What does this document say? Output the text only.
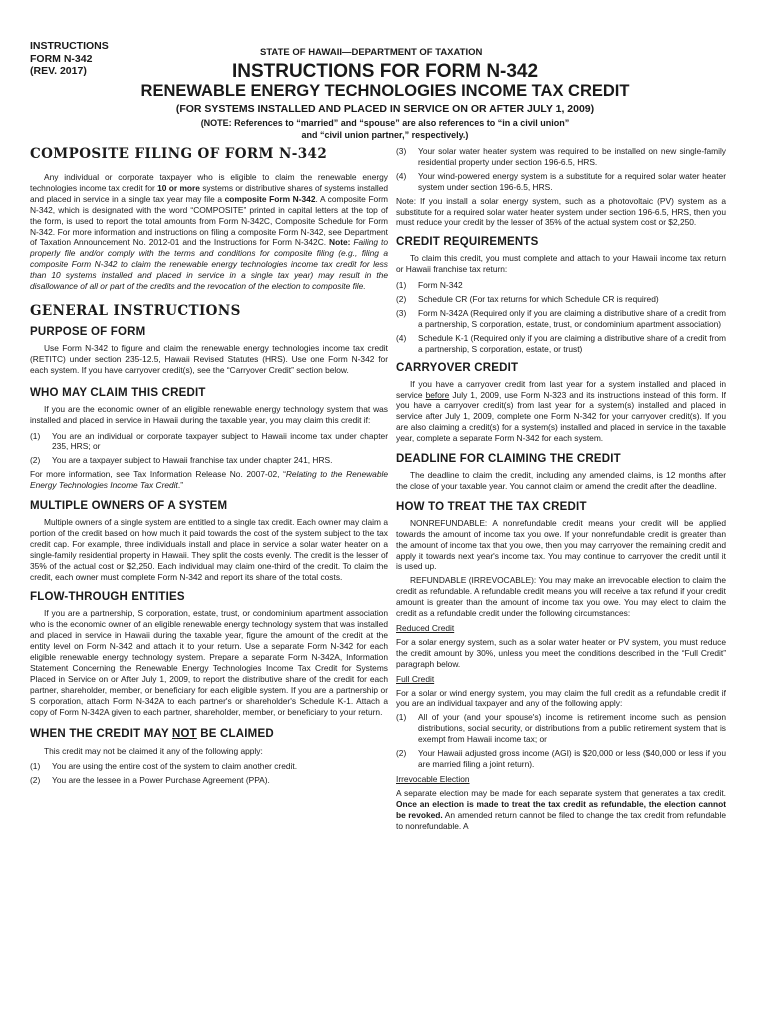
INSTRUCTIONS
FORM N-342
(REV. 2017)
STATE OF HAWAII—DEPARTMENT OF TAXATION
INSTRUCTIONS FOR FORM N-342
RENEWABLE ENERGY TECHNOLOGIES INCOME TAX CREDIT
(FOR SYSTEMS INSTALLED AND PLACED IN SERVICE ON OR AFTER JULY 1, 2009)
(NOTE: References to “married” and “spouse” are also references to “in a civil union”
and “civil union partner,” respectively.)
COMPOSITE FILING OF FORM N-342

Any individual or corporate taxpayer who is eligible to claim the renewable energy technologies income tax credit for 10 or more systems or distributive shares of systems installed and placed in service in a single tax year may file a composite Form N-342. A composite Form N-342, which is designated with the word “COMPOSITE” printed in capital letters at the top of the form, is used to report the total amounts from Form N-342C, Composite Schedule for Form N-342. For more information and instructions on filing a composite Form N-342, see Department of Taxation Announcement No. 2012-01 and the Instructions for Form N-342C. Note: Failing to properly file and/or comply with the terms and conditions for composite filing (e.g., filing a composite Form N-342 to claim the renewable energy technologies income tax credit for less than 10 systems installed and placed in service in a single tax year) may result in the disallowance of all or part of the credits and the revocation of the election to composite file.

GENERAL INSTRUCTIONS
PURPOSE OF FORM

Use Form N-342 to figure and claim the renewable energy technologies income tax credit (RETITC) under section 235-12.5, Hawaii Revised Statutes (HRS). Use one Form N-342 for each system. If you have carryover credit(s), see the “Carryover Credit” section below.

WHO MAY CLAIM THIS CREDIT

If you are the economic owner of an eligible renewable energy technology system that was installed and placed in service in Hawaii during the taxable year, you may claim this credit if:

(1)	You are an individual or corporate taxpayer subject to Hawaii income tax under chapter 235, HRS; or
(2)	You are a taxpayer subject to Hawaii franchise tax under chapter 241, HRS.

For more information, see Tax Information Release No. 2007-02, “Relating to the Renewable Energy Technologies Income Tax Credit.”

MULTIPLE OWNERS OF A SYSTEM

Multiple owners of a single system are entitled to a single tax credit. Each owner may claim a portion of the credit based on how much it paid towards the cost of the system subject to the tax credit cap. For example, three individuals install and place in service a solar water heater on a single-family residential property in Hawaii. They split the costs evenly. The credit is the lesser of 35% of the actual cost or $2,250. Each individual may claim one-third of the credit. To claim the credit, each owner must complete Form N-342 and report its share of the total costs.

FLOW-THROUGH ENTITIES

If you are a partnership, S corporation, estate, trust, or condominium apartment association who is the economic owner of an eligible renewable energy technology system that was installed and placed in service in Hawaii during the taxable year, figure the amount of the credit at the entity level on Form N-342 and attach it to your return. Use a separate Form N-342 for each eligible renewable energy technology system. Prepare a separate Form N-342A, Information Statement Concerning the Renewable Energy Technologies Income Tax Credit for Systems Placed in Service on or After July 1, 2009, to report the distributive share of the credit for each partner, shareholder, member, or beneficiary for each eligible system. If you are a partnership or S corporation, attach Form N-342A to each partner's or shareholder's Schedule K-1. Attach a copy of Form N-342A given to each partner, shareholder, member, or beneficiary to your return.

WHEN THE CREDIT MAY NOT BE CLAIMED

This credit may not be claimed it any of the following apply:

(1)	You are using the entire cost of the system to claim another credit.
(2)	You are the lessee in a Power Purchase Agreement (PPA).
(3)	Your solar water heater system was required to be installed on new single-family residential property under section 196-6.5, HRS.
(4)	Your wind-powered energy system is a substitute for a required solar water heater system under section 196-6.5, HRS.

Note: If you install a solar energy system, such as a photovoltaic (PV) system as a substitute for a required solar water heater system under section 196-6.5, HRS, then you must reduce your credit by the lesser of 35% of the actual system cost or $2,250.

CREDIT REQUIREMENTS

To claim this credit, you must complete and attach to your Hawaii income tax return or Hawaii franchise tax return:

(1)	Form N-342
(2)	Schedule CR (For tax returns for which Schedule CR is required)
(3)	Form N-342A (Required only if you are claiming a distributive share of a credit from a partnership, S corporation, estate, trust, or condominium apartment association)
(4)	Schedule K-1 (Required only if you are claiming a distributive share of a credit from a partnership, S corporation, estate, or trust)
CARRYOVER CREDIT

If you have a carryover credit from last year for a system installed and placed in service before July 1, 2009, use Form N-323 and its instructions instead of this form. If you have a carryover credit(s) from last year for a system(s) installed and placed in service after July 1, 2009, complete one Form N-342 for your carryover credit(s). If you are also claiming a credit(s) for a system(s) installed and placed in service in the taxable year, complete a separate Form N-342 for each system.

DEADLINE FOR CLAIMING THE CREDIT

The deadline to claim the credit, including any amended claims, is 12 months after the close of your taxable year. You cannot claim or amend the credit after the deadline.

HOW TO TREAT THE TAX CREDIT

NONREFUNDABLE: A nonrefundable credit means your credit will be applied towards the amount of income tax you owe. If your nonrefundable credit is greater than the amount of income tax that you owe, then you may carryover the remaining credit and apply it towards next year's income tax. You may continue to carryover the credit until it is used up.

REFUNDABLE (IRREVOCABLE): You may make an irrevocable election to claim the credit as refundable. A refundable credit means you will receive a tax refund if your credit amount is greater than the amount of income tax you owe. You may elect to claim the credit as a refundable credit under the following circumstances:

Reduced Credit

For a solar energy system, such as a solar water heater or PV system, you must reduce the credit amount by 30%, unless you meet the conditions described in the “Full Credit” paragraph below.

Full Credit

For a solar or wind energy system, you may claim the full credit as a refundable credit if you are an individual taxpayer and any of the following apply:

(1)	All of your (and your spouse's) income is retirement income such as pension distributions, social security, or distributions from a public retirement system that is exempt from Hawaii income tax; or
(2)	Your Hawaii adjusted gross income (AGI) is $20,000 or less ($40,000 or less if you are married filing a joint return).

Irrevocable Election

A separate election may be made for each separate system that generates a tax credit. Once an election is made to treat the tax credit as refundable, the election cannot be revoked. An amended return cannot be filed to change the tax credit from refundable to nonrefundable. A
